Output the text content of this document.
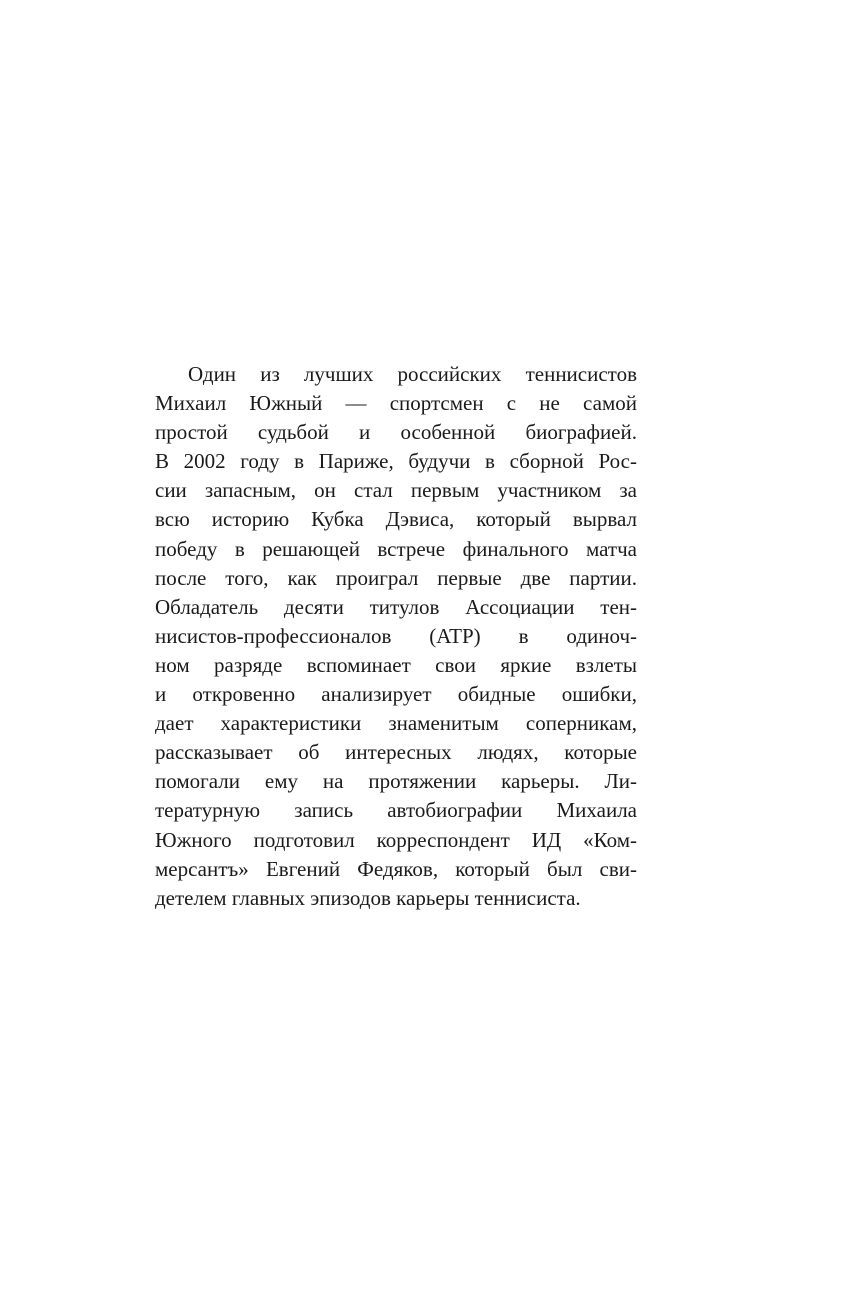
Один из лучших российских теннисистов
Михаил Южный — спортсмен с не самой
простой судьбой и особенной биографией.
В 2002 году в Париже, будучи в сборной Рос-
сии запасным, он стал первым участником за
всю историю Кубка Дэвиса, который вырвал
победу в решающей встрече финального матча
после того, как проиграл первые две партии.
Обладатель десяти титулов Ассоциации тен-
нисистов-профессионалов (ATP) в одиноч-
ном разряде вспоминает свои яркие взлеты
и откровенно анализирует обидные ошибки,
дает характеристики знаменитым соперникам,
рассказывает об интересных людях, которые
помогали ему на протяжении карьеры. Ли-
тературную запись автобиографии Михаила
Южного подготовил корреспондент ИД «Ком-
мерсантъ» Евгений Федяков, который был сви-
детелем главных эпизодов карьеры теннисиста.
